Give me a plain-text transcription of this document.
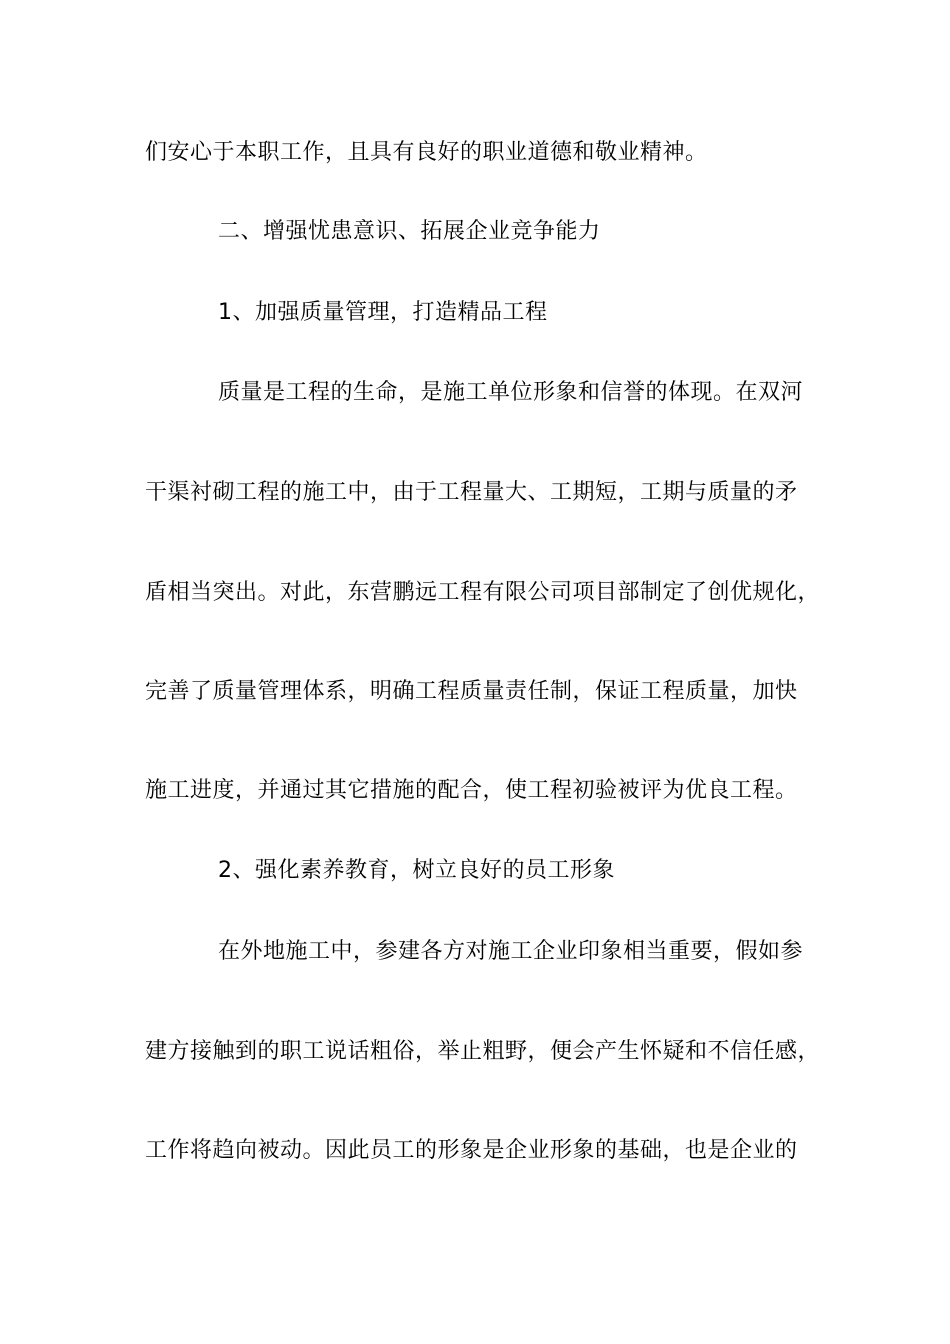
们安心于本职工作，且具有良好的职业道德和敬业精神。
二、增强忧患意识、拓展企业竞争能力
1、加强质量管理，打造精品工程
质量是工程的生命，是施工单位形象和信誉的体现。在双河
干渠衬砌工程的施工中，由于工程量大、工期短，工期与质量的矛
盾相当突出。对此，东营鹏远工程有限公司项目部制定了创优规化，
完善了质量管理体系，明确工程质量责任制，保证工程质量，加快
施工进度，并通过其它措施的配合，使工程初验被评为优良工程。
2、强化素养教育，树立良好的员工形象
在外地施工中，参建各方对施工企业印象相当重要，假如参
建方接触到的职工说话粗俗，举止粗野，便会产生怀疑和不信任感，
工作将趋向被动。因此员工的形象是企业形象的基础，也是企业的
